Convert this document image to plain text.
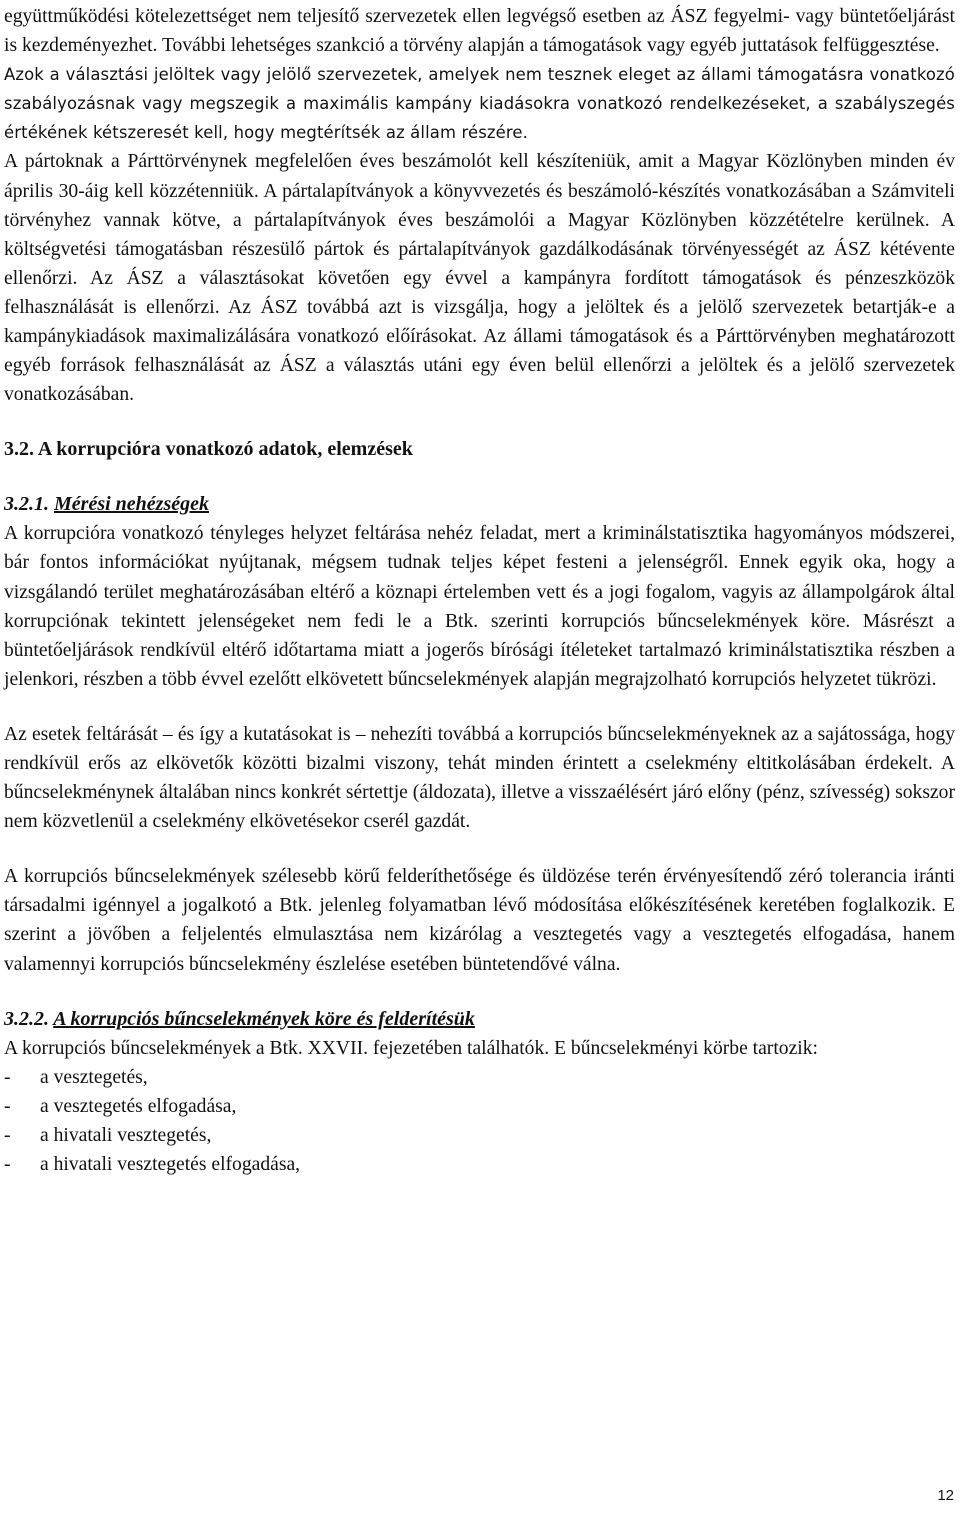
együttműködési kötelezettséget nem teljesítő szervezetek ellen legvégső esetben az ÁSZ fegyelmi- vagy büntetőeljárást is kezdeményezhet. További lehetséges szankció a törvény alapján a támogatások vagy egyéb juttatások felfüggesztése.

Azok a választási jelöltek vagy jelölő szervezetek, amelyek nem tesznek eleget az állami támogatásra vonatkozó szabályozásnak vagy megszegik a maximális kampány kiadásokra vonatkozó rendelkezéseket, a szabályszegés értékének kétszeresét kell, hogy megtérítsék az állam részére.

A pártoknak a Párttörvénynek megfelelően éves beszámolót kell készíteniük, amit a Magyar Közlönyben minden év április 30-áig kell közzétenniük. A pártalapítványok a könyvvezetés és beszámoló-készítés vonatkozásában a Számviteli törvényhez vannak kötve, a pártalapítványok éves beszámolói a Magyar Közlönyben közzétételre kerülnek. A költségvetési támogatásban részesülő pártok és pártalapítványok gazdálkodásának törvényességét az ÁSZ kétévente ellenőrzi. Az ÁSZ a választásokat követően egy évvel a kampányra fordított támogatások és pénzeszközök felhasználását is ellenőrzi. Az ÁSZ továbbá azt is vizsgálja, hogy a jelöltek és a jelölő szervezetek betartják-e a kampánykiadások maximalizálására vonatkozó előírásokat. Az állami támogatások és a Párttörvényben meghatározott egyéb források felhasználását az ÁSZ a választás utáni egy éven belül ellenőrzi a jelöltek és a jelölő szervezetek vonatkozásában.

3.2. A korrupcióra vonatkozó adatok, elemzések

3.2.1. Mérési nehézségek

A korrupcióra vonatkozó tényleges helyzet feltárása nehéz feladat, mert a kriminálstatisztika hagyományos módszerei, bár fontos információkat nyújtanak, mégsem tudnak teljes képet festeni a jelenségről. Ennek egyik oka, hogy a vizsgálandó terület meghatározásában eltérő a köznapi értelemben vett és a jogi fogalom, vagyis az állampolgárok által korrupciónak tekintett jelenségeket nem fedi le a Btk. szerinti korrupciós bűncselekmények köre. Másrészt a büntetőeljárások rendkívül eltérő időtartama miatt a jogerős bírósági ítéleteket tartalmazó kriminálstatisztika részben a jelenkori, részben a több évvel ezelőtt elkövetett bűncselekmények alapján megrajzolható korrupciós helyzetet tükrözi.

Az esetek feltárását – és így a kutatásokat is – nehezíti továbbá a korrupciós bűncselekményeknek az a sajátossága, hogy rendkívül erős az elkövetők közötti bizalmi viszony, tehát minden érintett a cselekmény eltitkolásában érdekelt. A bűncselekménynek általában nincs konkrét sértettje (áldozata), illetve a visszaélésért járó előny (pénz, szívesség) sokszor nem közvetlenül a cselekmény elkövetésekor cserél gazdát.

A korrupciós bűncselekmények szélesebb körű felderíthetősége és üldözése terén érvényesítendő zéró tolerancia iránti társadalmi igénnyel a jogalkotó a Btk. jelenleg folyamatban lévő módosítása előkészítésének keretében foglalkozik. E szerint a jövőben a feljelentés elmulasztása nem kizárólag a vesztegetés vagy a vesztegetés elfogadása, hanem valamennyi korrupciós bűncselekmény észlelése esetében büntetendővé válna.

3.2.2. A korrupciós bűncselekmények köre és felderítésük

A korrupciós bűncselekmények a Btk. XXVII. fejezetében találhatók. E bűncselekményi körbe tartozik:

- a vesztegetés,
- a vesztegetés elfogadása,
- a hivatali vesztegetés,
- a hivatali vesztegetés elfogadása,
12
